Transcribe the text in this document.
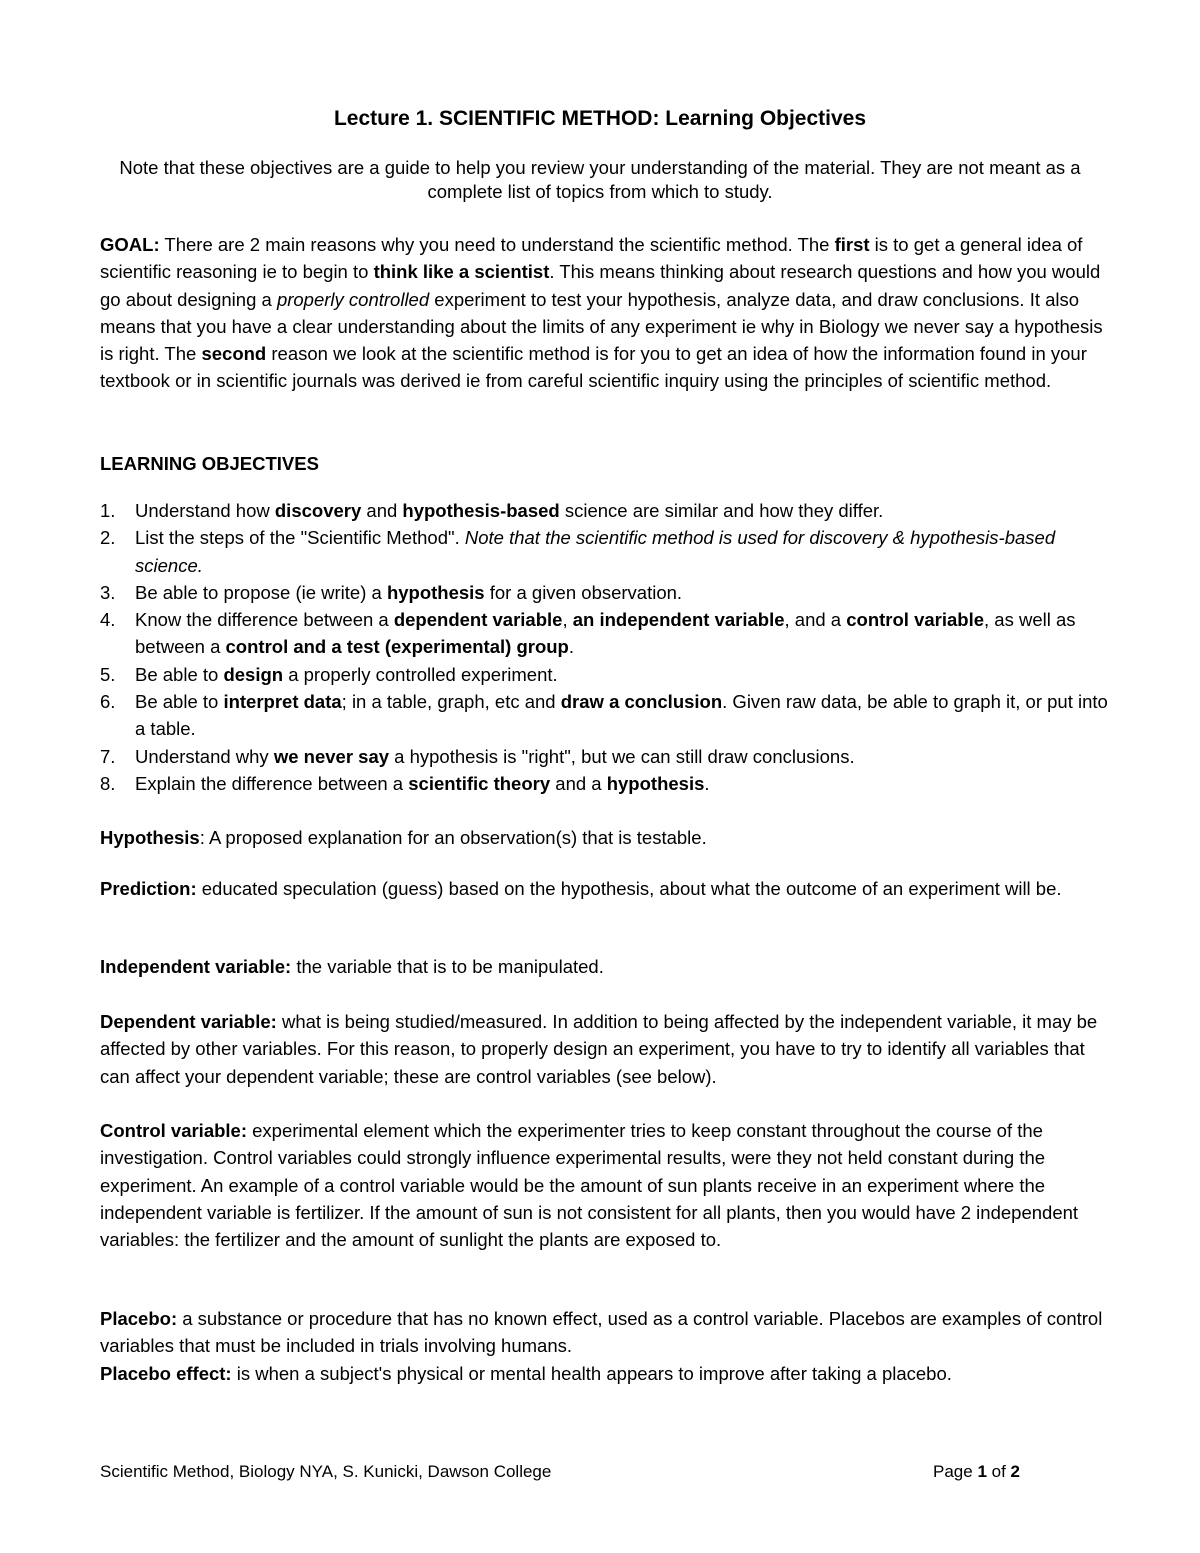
Lecture 1. SCIENTIFIC METHOD: Learning Objectives
Note that these objectives are a guide to help you review your understanding of the material. They are not meant as a complete list of topics from which to study.
GOAL: There are 2 main reasons why you need to understand the scientific method. The first is to get a general idea of scientific reasoning ie to begin to think like a scientist. This means thinking about research questions and how you would go about designing a properly controlled experiment to test your hypothesis, analyze data, and draw conclusions. It also means that you have a clear understanding about the limits of any experiment ie why in Biology we never say a hypothesis is right. The second reason we look at the scientific method is for you to get an idea of how the information found in your textbook or in scientific journals was derived ie from careful scientific inquiry using the principles of scientific method.
LEARNING OBJECTIVES
1. Understand how discovery and hypothesis-based science are similar and how they differ.
2. List the steps of the "Scientific Method". Note that the scientific method is used for discovery & hypothesis-based science.
3. Be able to propose (ie write) a hypothesis for a given observation.
4. Know the difference between a dependent variable, an independent variable, and a control variable, as well as between a control and a test (experimental) group.
5. Be able to design a properly controlled experiment.
6. Be able to interpret data; in a table, graph, etc and draw a conclusion. Given raw data, be able to graph it, or put into a table.
7. Understand why we never say a hypothesis is "right", but we can still draw conclusions.
8. Explain the difference between a scientific theory and a hypothesis.
Hypothesis: A proposed explanation for an observation(s) that is testable.
Prediction: educated speculation (guess) based on the hypothesis, about what the outcome of an experiment will be.
Independent variable: the variable that is to be manipulated.
Dependent variable: what is being studied/measured. In addition to being affected by the independent variable, it may be affected by other variables. For this reason, to properly design an experiment, you have to try to identify all variables that can affect your dependent variable; these are control variables (see below).
Control variable: experimental element which the experimenter tries to keep constant throughout the course of the investigation. Control variables could strongly influence experimental results, were they not held constant during the experiment. An example of a control variable would be the amount of sun plants receive in an experiment where the independent variable is fertilizer. If the amount of sun is not consistent for all plants, then you would have 2 independent variables: the fertilizer and the amount of sunlight the plants are exposed to.
Placebo: a substance or procedure that has no known effect, used as a control variable. Placebos are examples of control variables that must be included in trials involving humans.
Placebo effect: is when a subject's physical or mental health appears to improve after taking a placebo.
Scientific Method, Biology NYA, S. Kunicki, Dawson College	Page 1 of 2
